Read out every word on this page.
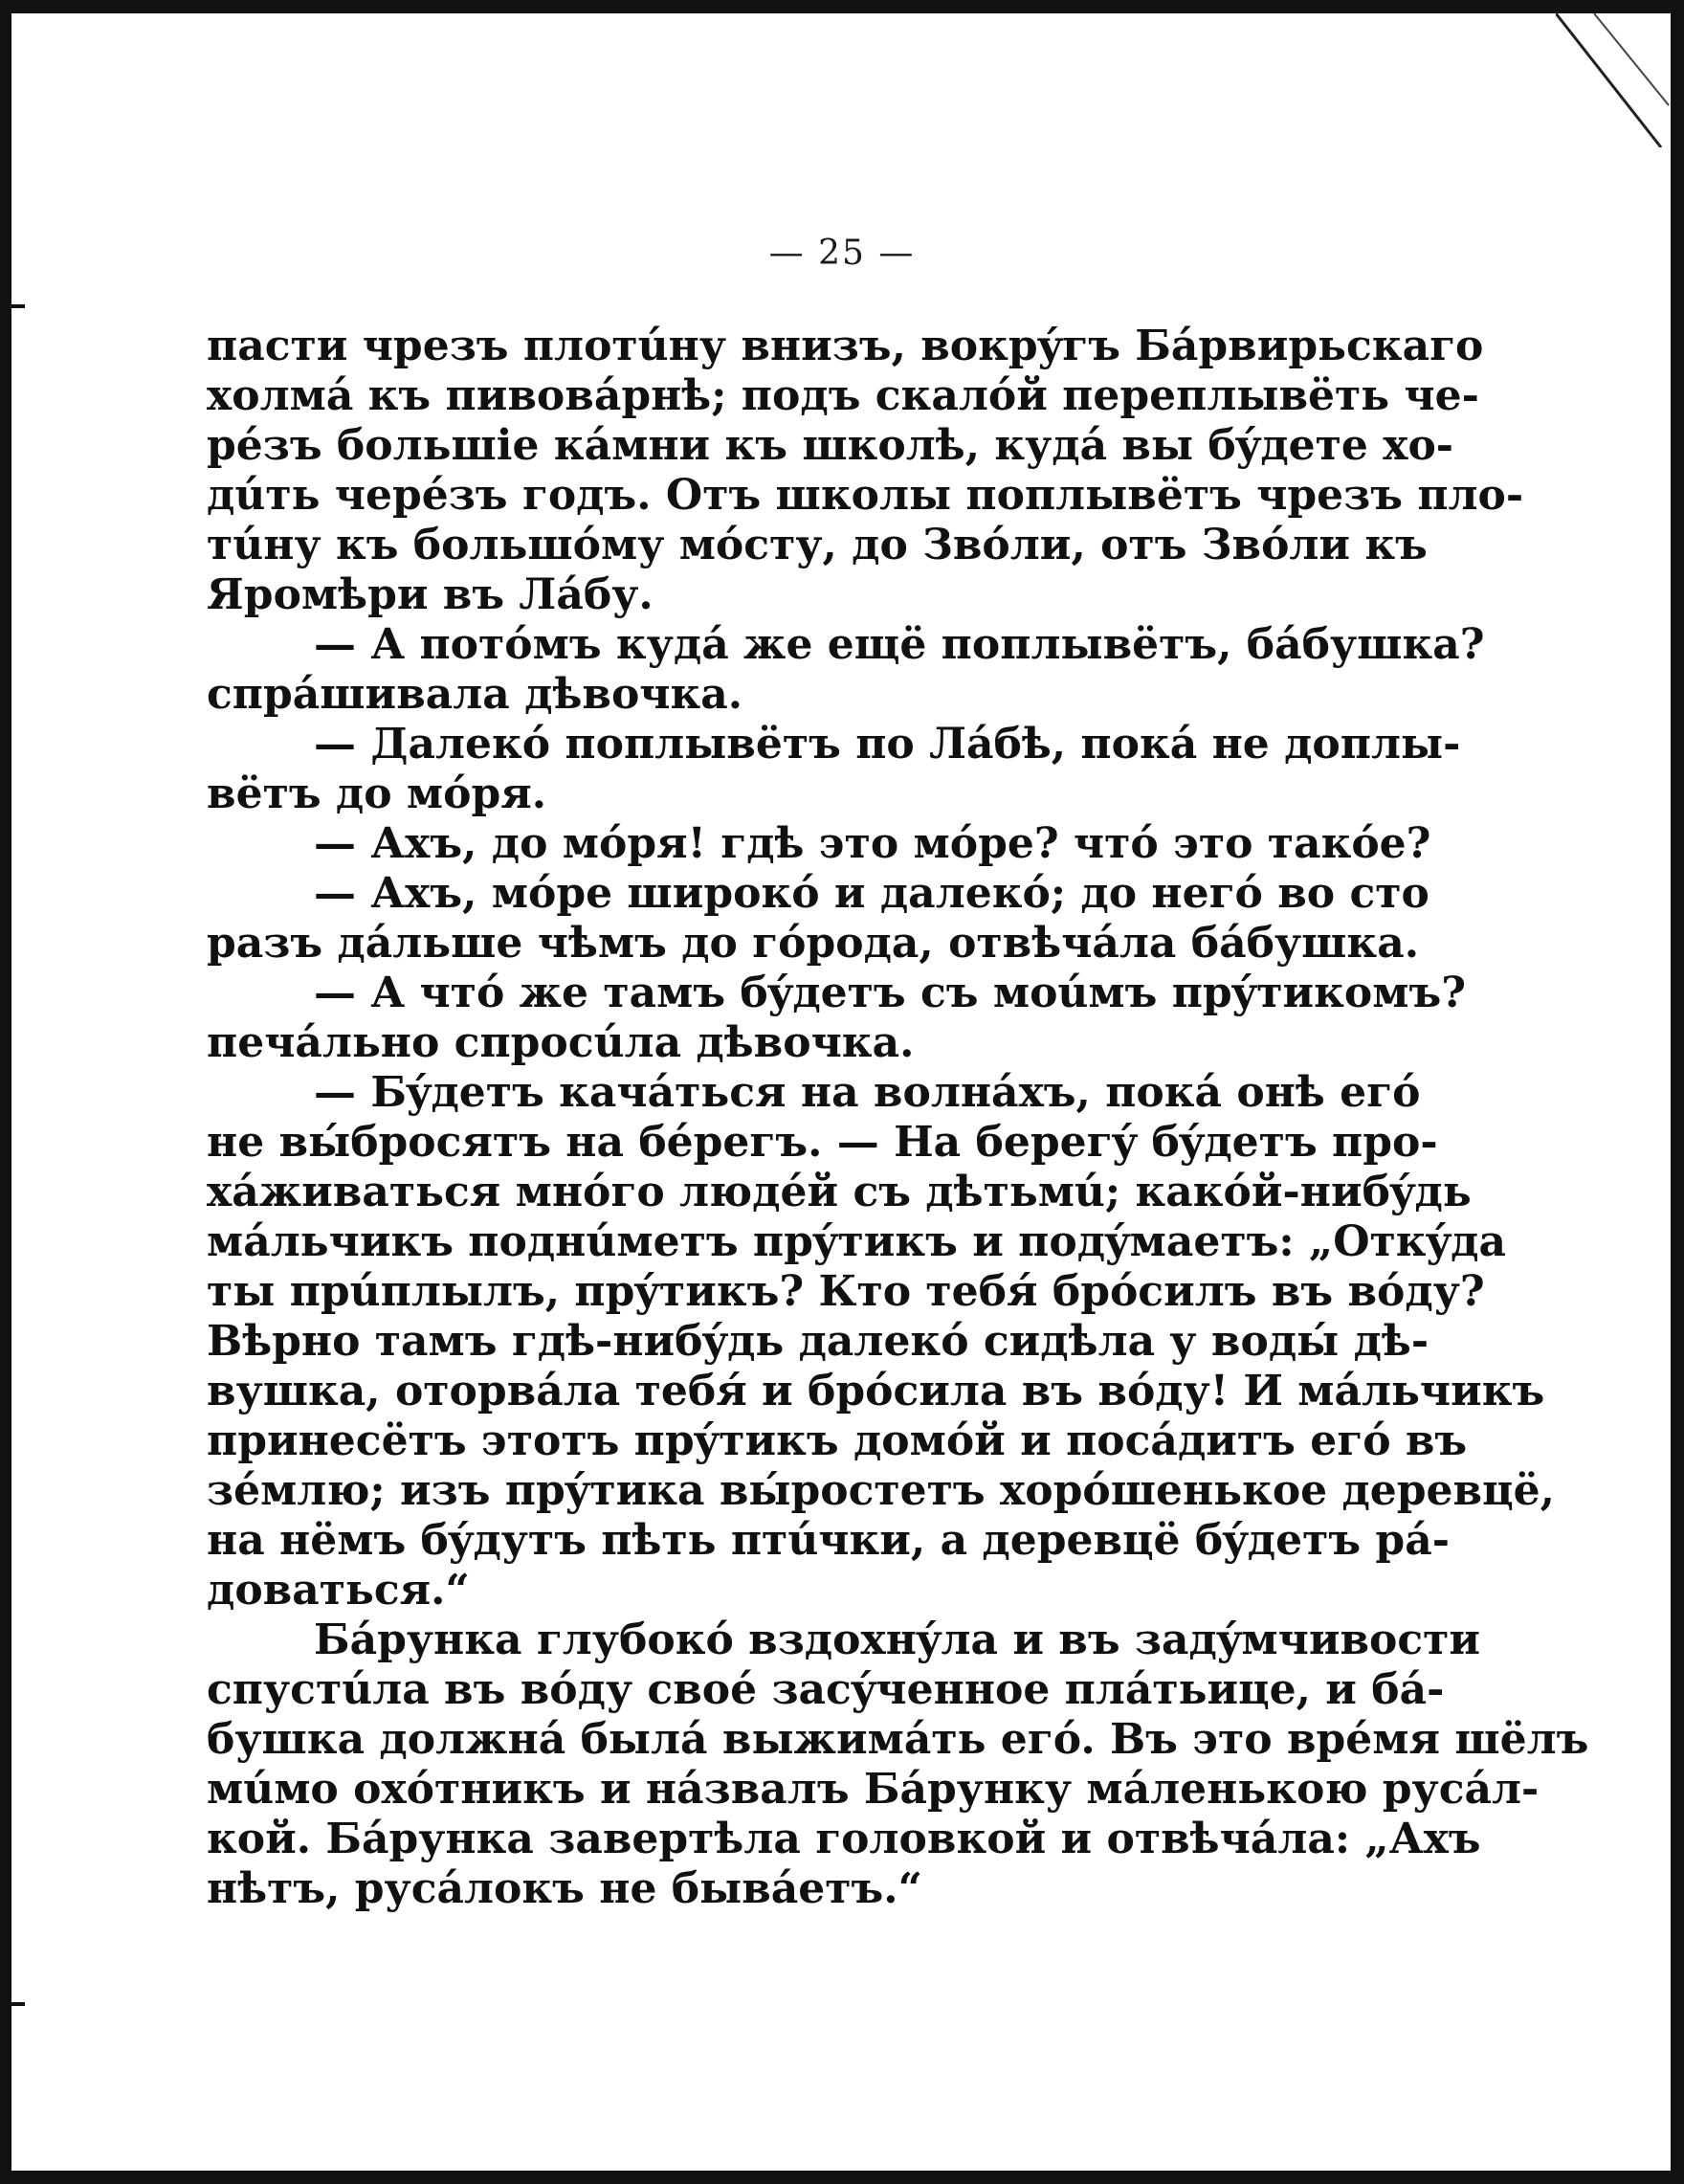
— 25 —
пасти чрезъ плотúну внизъ, вокрýгъ Бáрвирьскаго
холмá къ пивовáрнѣ; подъ скалóй переплывёть че-
рéзъ большіе кáмни къ школѣ, кудá вы бýдете хо-
дúть черéзъ годъ. Отъ школы поплывётъ чрезъ пло-
тúну къ большóму мóсту, до Звóли, отъ Звóли къ
Яромѣри въ Лáбу.
— А потóмъ кудá же ещё поплывётъ, бáбушка?
спрáшивала дѣвочка.
— Далекó поплывётъ по Лáбѣ, покá не доплы-
вётъ до мóря.
— Ахъ, до мóря! гдѣ это мóре? чтó это такóе?
— Ахъ, мóре широкó и далекó; до негó во сто
разъ дáльше чѣмъ до гóрода, отвѣчáла бáбушка.
— А чтó же тамъ бýдетъ съ моúмъ прýтикомъ?
печáльно спросúла дѣвочка.
— Бýдетъ качáться на волнáхъ, покá онѣ егó
не вы́бросятъ на бéрегъ. — На берегý бýдетъ про-
хáживаться мнóго людéй съ дѣтьмú; какóй-нибýдь
мáльчикъ поднúметъ прýтикъ и подýмаетъ: „Откýда
ты прúплылъ, прýтикъ? Кто тебя́ брóсилъ въ вóду?
Вѣрно тамъ гдѣ-нибýдь далекó сидѣла у воды́ дѣ-
вушка, оторвáла тебя́ и брóсила въ вóду! И мáльчикъ
принесётъ этотъ прýтикъ домóй и посáдитъ егó въ
зéмлю; изъ прýтика вы́ростетъ хорóшенькое деревцё,
на нёмъ бýдутъ пѣть птúчки, а деревцё бýдетъ рá-
доваться.“
Бáрунка глубокó вздохнýла и въ задýмчивости
спустúла въ вóду своé засýченное плáтьице, и бá-
бушка должнá былá выжимáть егó. Въ это врéмя шёлъ
мúмо охóтникъ и нáзвалъ Бáрунку мáленькою русáл-
кой. Бáрунка завертѣла головкой и отвѣчáла: „Ахъ
нѣтъ, русáлокъ не бывáетъ.“
